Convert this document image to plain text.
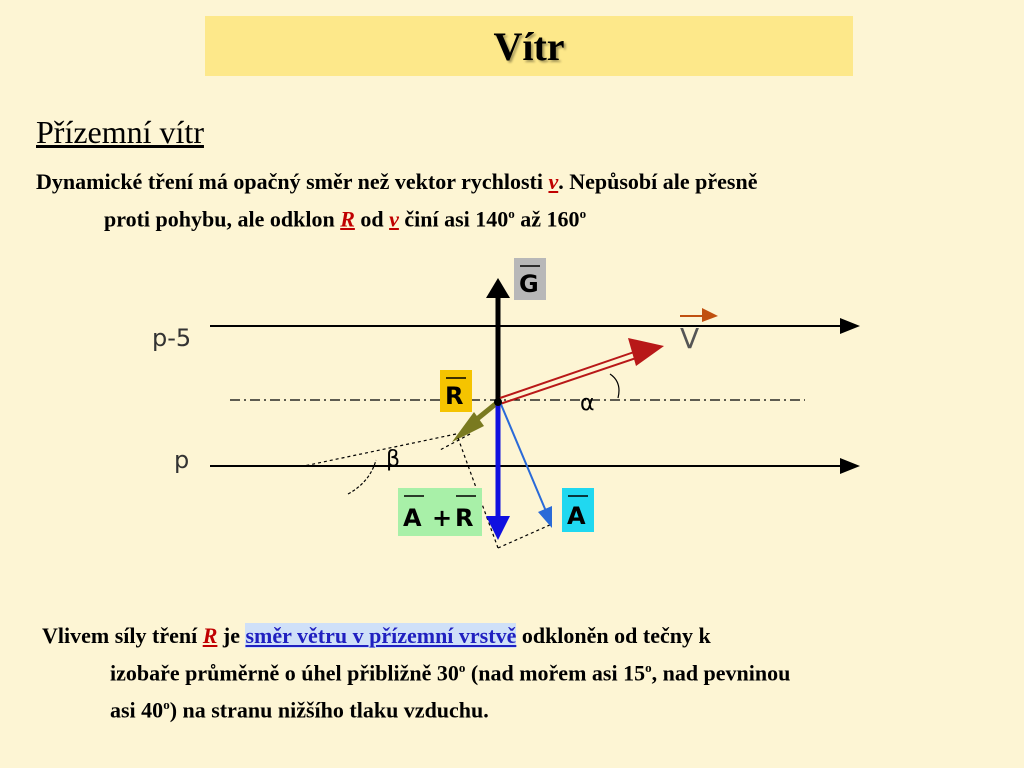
Vítr
Přízemní vítr
Dynamické tření má opačný směr než vektor rychlosti v. Nepůsobí ale přesně
proti pohybu, ale odklon R od v činí asi 140$^o$ až 160$^o$
p-5
p
G
V
α
R
β
A
A + R
Vlivem síly tření R je směr větru v přízemní vrstvě odkloněn od tečny k
izobaře průměrně o úhel přibližně 30$^o$ (nad mořem asi 15$^o$, nad pevninou
asi 40$^o$) na stranu nižšího tlaku vzduchu.
